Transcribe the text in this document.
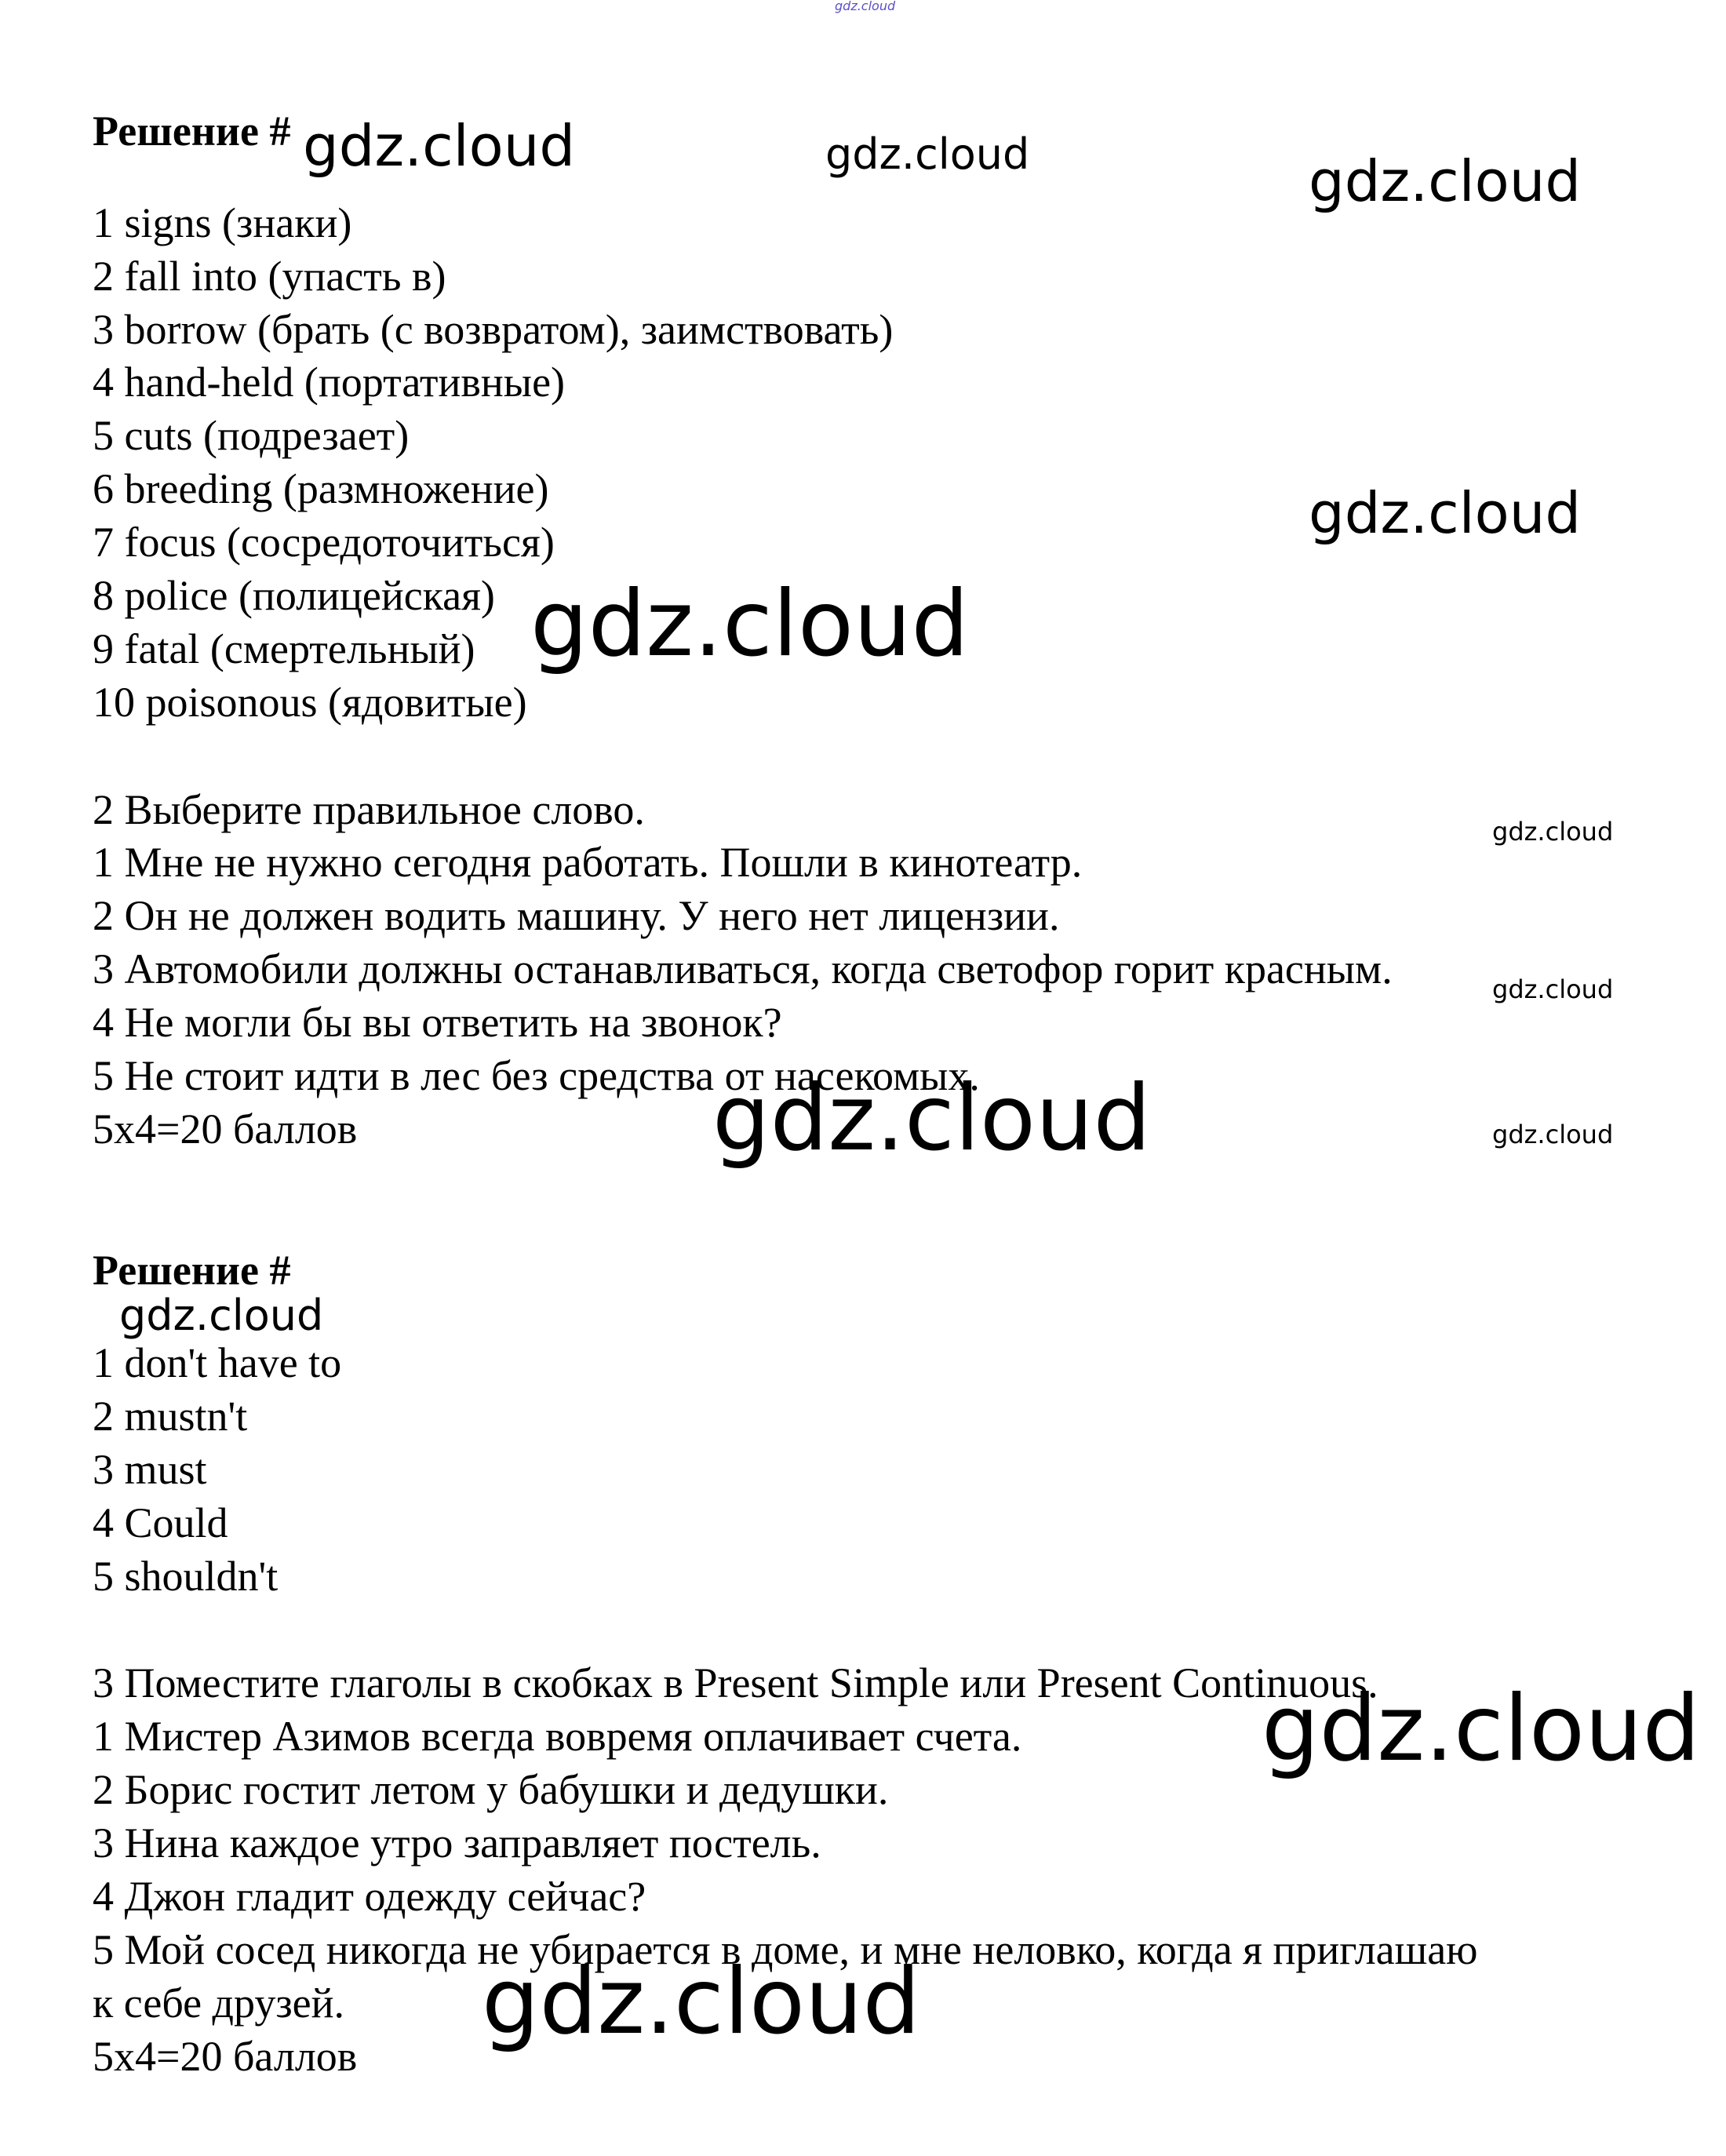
Решение #
1 signs (знаки)
2 fall into (упасть в)
3 borrow (брать (с возвратом), заимствовать)
4 hand-held (портативные)
5 cuts (подрезает)
6 breeding (размножение)
7 focus (сосредоточиться)
8 police (полицейская)
9 fatal (смертельный)
10 poisonous (ядовитые)
2 Выберите правильное слово.
1 Мне не нужно сегодня работать. Пошли в кинотеатр.
2 Он не должен водить машину. У него нет лицензии.
3 Автомобили должны останавливаться, когда светофор горит красным.
4 Не могли бы вы ответить на звонок?
5 Не стоит идти в лес без средства от насекомых.
5x4=20 баллов
Решение #
1 don't have to
2 mustn't
3 must
4 Could
5 shouldn't
3 Поместите глаголы в скобках в Present Simple или Present Continuous.
1 Мистер Азимов всегда вовремя оплачивает счета.
2 Борис гостит летом у бабушки и дедушки.
3 Нина каждое утро заправляет постель.
4 Джон гладит одежду сейчас?
5 Мой сосед никогда не убирается в доме, и мне неловко, когда я приглашаю
к себе друзей.
5x4=20 баллов
gdz.cloud
gdz.cloud	gdz.cloud	gdz.cloud
gdz.cloud
gdz.cloud
gdz.cloud
gdz.cloud
gdz.cloud	gdz.cloud
gdz.cloud
gdz.cloud
gdz.cloud
